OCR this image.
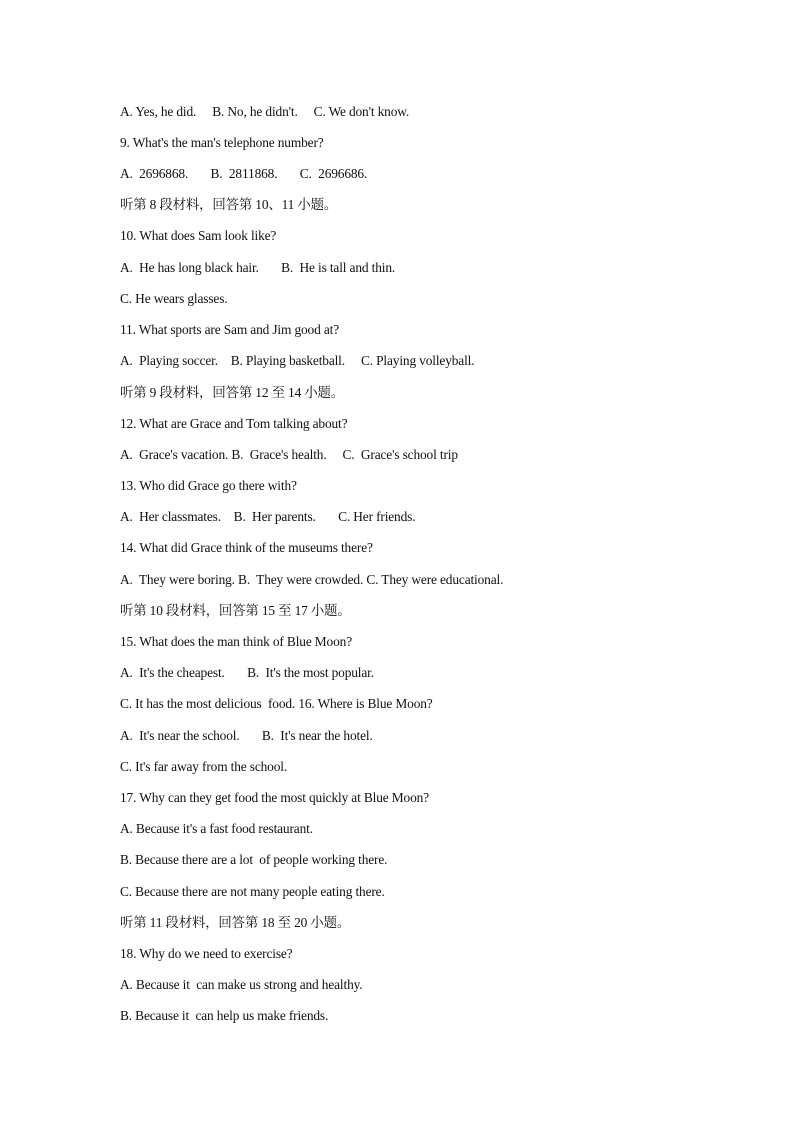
A. Yes, he did.     B. No, he didn't.     C. We don't know.
9. What's the man's telephone number?
A.  2696868.       B.  2811868.       C.  2696686.
听第 8 段材料，回答第 10、11 小题。
10. What does Sam look like?
A.  He has long black hair.       B.  He is tall and thin.
C. He wears glasses.
11. What sports are Sam and Jim good at?
A.  Playing soccer.    B. Playing basketball.     C. Playing volleyball.
听第 9 段材料，回答第 12 至 14 小题。
12. What are Grace and Tom talking about?
A.  Grace's vacation. B.  Grace's health.     C.  Grace's school trip
13. Who did Grace go there with?
A.  Her classmates.    B.  Her parents.       C. Her friends.
14. What did Grace think of the museums there?
A.  They were boring. B.  They were crowded. C. They were educational.
听第 10 段材料，回答第 15 至 17 小题。
15. What does the man think of Blue Moon?
A.  It's the cheapest.       B.  It's the most popular.
C. It has the most delicious  food. 16. Where is Blue Moon?
A.  It's near the school.       B.  It's near the hotel.
C. It's far away from the school.
17. Why can they get food the most quickly at Blue Moon?
A. Because it's a fast food restaurant.
B. Because there are a lot  of people working there.
C. Because there are not many people eating there.
听第 11 段材料，回答第 18 至 20 小题。
18. Why do we need to exercise?
A. Because it  can make us strong and healthy.
B. Because it  can help us make friends.
